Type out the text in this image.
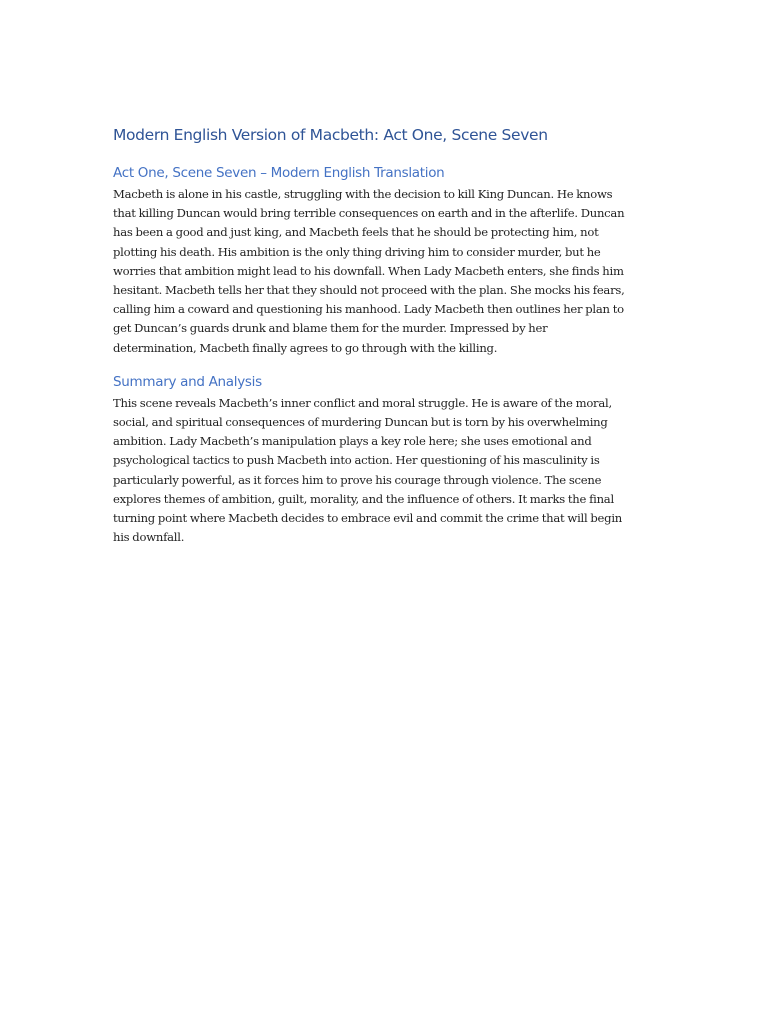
Modern English Version of Macbeth: Act One, Scene Seven
Act One, Scene Seven – Modern English Translation

Macbeth is alone in his castle, struggling with the decision to kill King Duncan. He knows
that killing Duncan would bring terrible consequences on earth and in the afterlife. Duncan
has been a good and just king, and Macbeth feels that he should be protecting him, not
plotting his death. His ambition is the only thing driving him to consider murder, but he
worries that ambition might lead to his downfall. When Lady Macbeth enters, she finds him
hesitant. Macbeth tells her that they should not proceed with the plan. She mocks his fears,
calling him a coward and questioning his manhood. Lady Macbeth then outlines her plan to
get Duncan’s guards drunk and blame them for the murder. Impressed by her
determination, Macbeth finally agrees to go through with the killing.

Summary and Analysis

This scene reveals Macbeth’s inner conflict and moral struggle. He is aware of the moral,
social, and spiritual consequences of murdering Duncan but is torn by his overwhelming
ambition. Lady Macbeth’s manipulation plays a key role here; she uses emotional and
psychological tactics to push Macbeth into action. Her questioning of his masculinity is
particularly powerful, as it forces him to prove his courage through violence. The scene
explores themes of ambition, guilt, morality, and the influence of others. It marks the final
turning point where Macbeth decides to embrace evil and commit the crime that will begin
his downfall.
